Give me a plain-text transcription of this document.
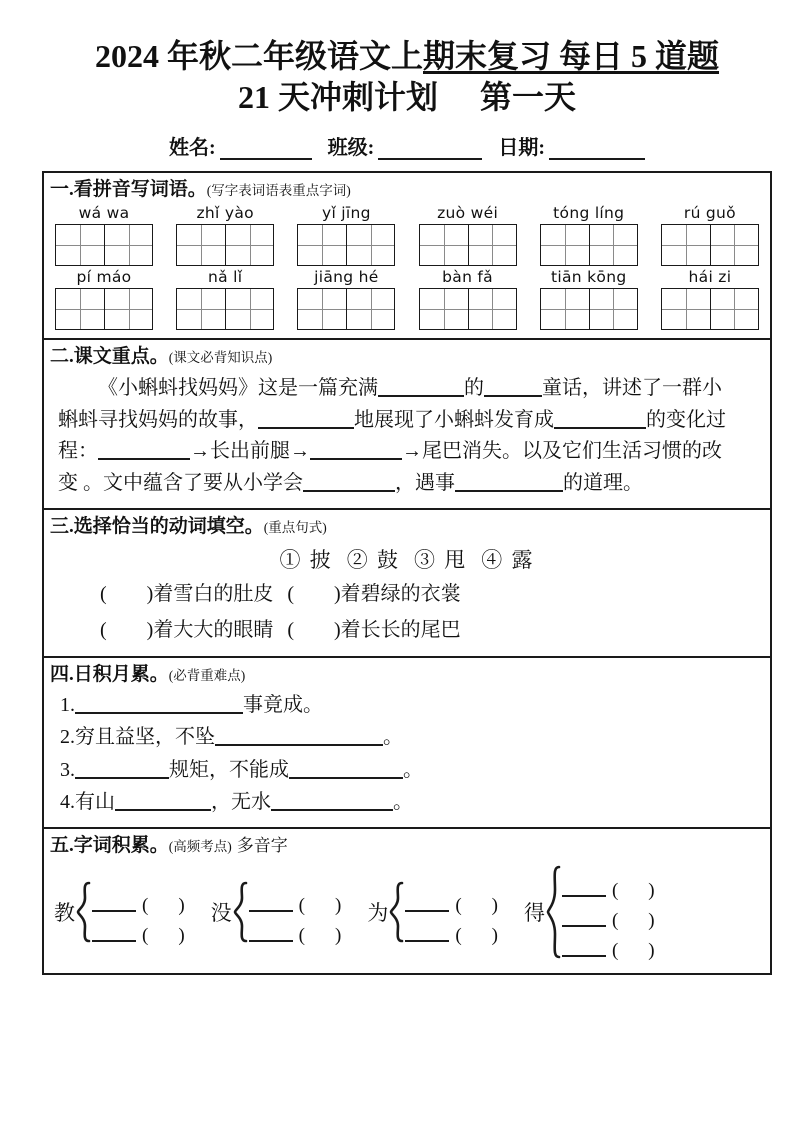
2024 年秋二年级语文上期末复习 每日 5 道题
21 天冲刺计划 第一天
姓名:	班级:	日期:
一.看拼音写词语。(写字表词语表重点字词)
wá wa	zhǐ yào	yǐ jīng	zuò wéi	tóng líng	rú guǒ
pí máo	nǎ lǐ	jiāng hé	bàn fǎ	tiān kōng	hái zi
二.课文重点。(课文必背知识点)
《小蝌蚪找妈妈》这是一篇充满	的	童话，讲述了一群小
蝌蚪寻找妈妈的故事，	地展现了小蝌蚪发育成	的变化过
程：	→长出前腿→	→尾巴消失。以及它们生活习惯的改
变 。文中蕴含了要从小学会	，遇事	的道理。
三.选择恰当的动词填空。(重点句式)
① 披 ② 鼓 ③ 甩 ④ 露
( )着雪白的肚皮 ( )着碧绿的衣裳
( )着大大的眼睛 ( )着长长的尾巴
四.日积月累。(必背重难点)
1.	事竟成。
2.穷且益坚，不坠	。
3.	规矩，不能成	。
4.有山	，无水	。
五.字词积累。(高频考点) 多音字
教	( )
( )
没	( )
( )
为	( )
( )
得
( )
( )
( )
